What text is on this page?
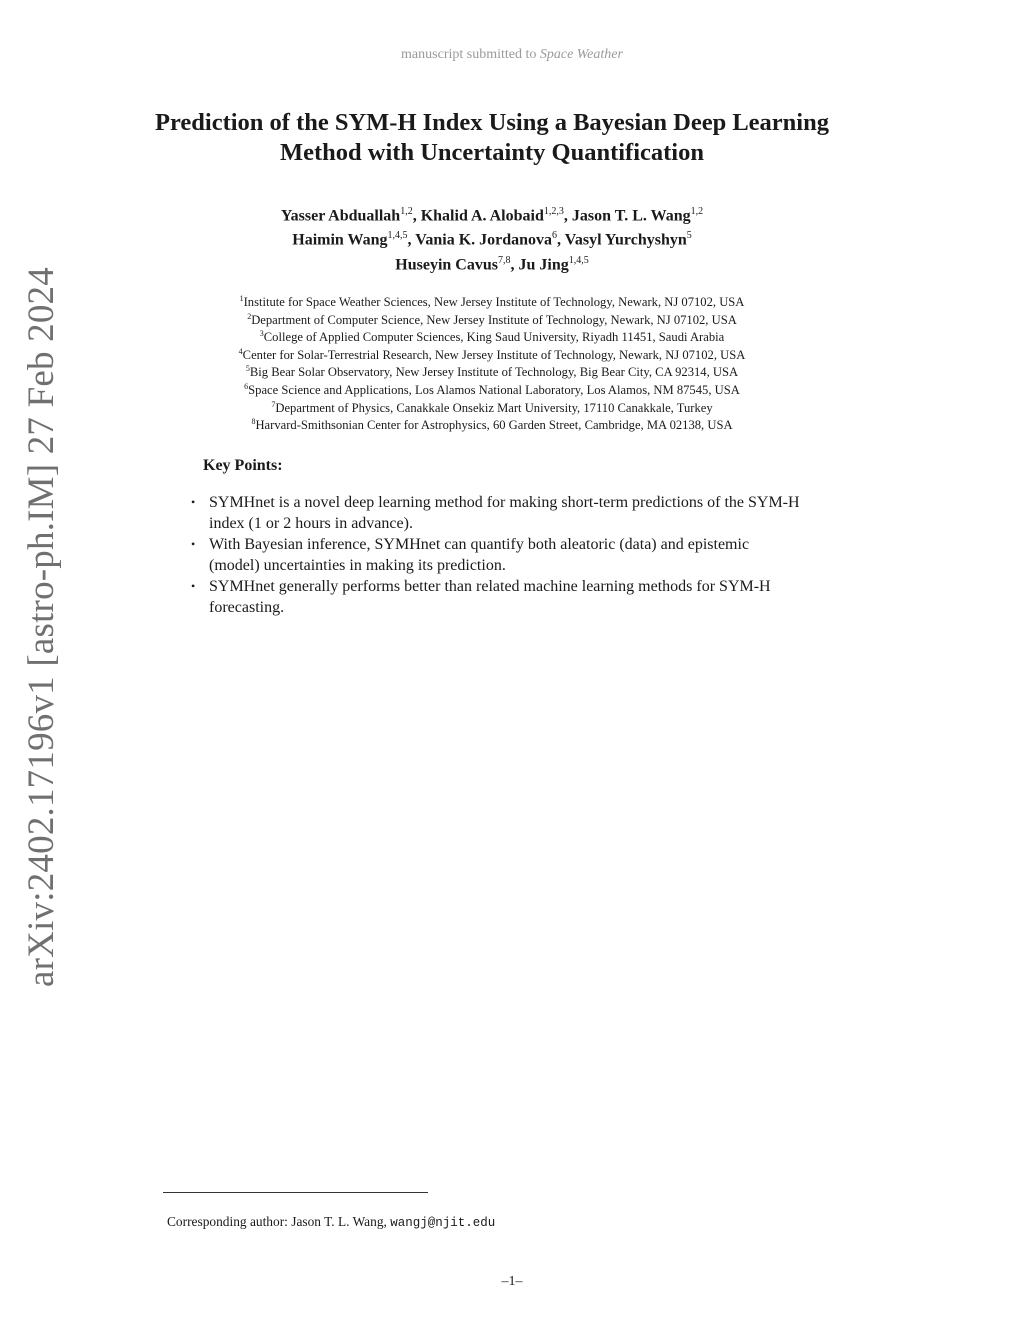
manuscript submitted to Space Weather
arXiv:2402.17196v1 [astro-ph.IM] 27 Feb 2024
Prediction of the SYM-H Index Using a Bayesian Deep Learning Method with Uncertainty Quantification
Yasser Abduallah$^{1,2}$, Khalid A. Alobaid$^{1,2,3}$, Jason T. L. Wang$^{1,2}$
Haimin Wang$^{1,4,5}$, Vania K. Jordanova$^6$, Vasyl Yurchyshyn$^5$
Huseyin Cavus$^{7,8}$, Ju Jing$^{1,4,5}$
$^1$Institute for Space Weather Sciences, New Jersey Institute of Technology, Newark, NJ 07102, USA
$^2$Department of Computer Science, New Jersey Institute of Technology, Newark, NJ 07102, USA
$^3$College of Applied Computer Sciences, King Saud University, Riyadh 11451, Saudi Arabia
$^4$Center for Solar-Terrestrial Research, New Jersey Institute of Technology, Newark, NJ 07102, USA
$^5$Big Bear Solar Observatory, New Jersey Institute of Technology, Big Bear City, CA 92314, USA
$^6$Space Science and Applications, Los Alamos National Laboratory, Los Alamos, NM 87545, USA
$^7$Department of Physics, Canakkale Onsekiz Mart University, 17110 Canakkale, Turkey
$^8$Harvard-Smithsonian Center for Astrophysics, 60 Garden Street, Cambridge, MA 02138, USA
Key Points:
• SYMHnet is a novel deep learning method for making short-term predictions of the SYM-H index (1 or 2 hours in advance).
• With Bayesian inference, SYMHnet can quantify both aleatoric (data) and epistemic (model) uncertainties in making its prediction.
• SYMHnet generally performs better than related machine learning methods for SYM-H forecasting.
Corresponding author: Jason T. L. Wang, wangj@njit.edu
–1–
